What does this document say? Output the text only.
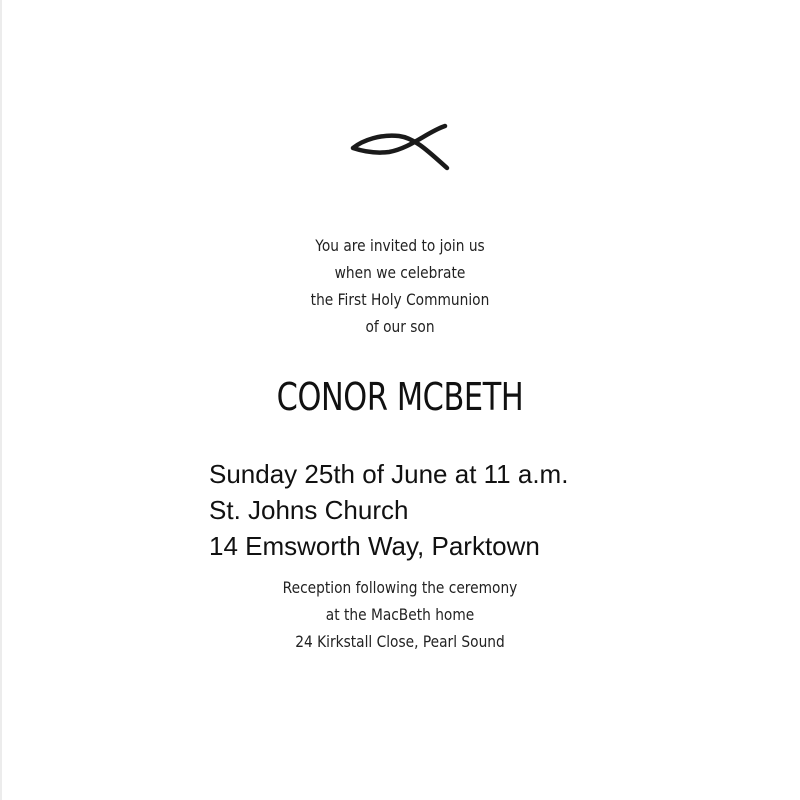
You are invited to join us
when we celebrate
the First Holy Communion
of our son
CONOR MCBETH
Sunday 25th of June at 11 a.m.
St. Johns Church
14 Emsworth Way, Parktown
Reception following the ceremony
at the MacBeth home
24 Kirkstall Close, Pearl Sound
